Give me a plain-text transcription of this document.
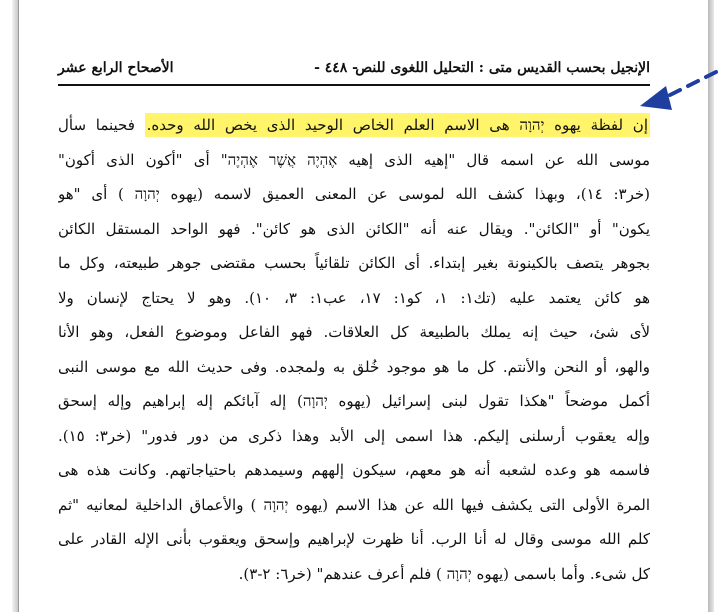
الإنجيل بحسب القديس متى : التحليل اللغوى للنص
- ٤٤٨ -
الأصحاح الرابع عشر
إن لفظة يهوه יְהוָה هى الاسم العلم الخاص الوحيد الذى يخص الله وحده. فحينما سأل
موسى الله عن اسمه قال "إهيه الذى إهيه אֶהְיֶה אֲשֶׁר אֶהְיֶה" أى "أكون الذى أكون"
(خر٣: ١٤)، وبهذا كشف الله لموسى عن المعنى العميق لاسمه (يهوه יְהוָה ) أى "هو
يكون" أو "الكائن". ويقال عنه أنه "الكائن الذى هو كائن". فهو الواحد المستقل الكائن
بجوهر يتصف بالكينونة بغير إبتداء. أى الكائن تلقائياً بحسب مقتضى جوهر طبيعته، وكل ما
هو كائن يعتمد عليه (تك١: ١، كو١: ١٧، عب١: ٣، ١٠). وهو لا يحتاج لإنسان ولا
لأى شئ، حيث إنه يملك بالطبيعة كل العلاقات. فهو الفاعل وموضوع الفعل، وهو الأنا
والهو، أو النحن والأنتم. كل ما هو موجود خُلق به ولمجده. وفى حديث الله مع موسى النبى
أكمل موضحاً "هكذا تقول لبنى إسرائيل (يهوه יְהוָה) إله آبائكم إله إبراهيم وإله إسحق
وإله يعقوب أرسلنى إليكم. هذا اسمى إلى الأبد وهذا ذكرى من دور فدور" (خر٣: ١٥).
فاسمه هو وعده لشعبه أنه هو معهم، سيكون إلههم وسيمدهم باحتياجاتهم. وكانت هذه هى
المرة الأولى التى يكشف فيها الله عن هذا الاسم (يهوه יְהוָה ) والأعماق الداخلية لمعانيه "ثم
كلم الله موسى وقال له أنا الرب. أنا ظهرت لإبراهيم وإسحق ويعقوب بأنى الإله القادر على
كل شىء. وأما باسمى (يهوه יְהוָה ) فلم أعرف عندهم" (خر٦: ٢-٣).
